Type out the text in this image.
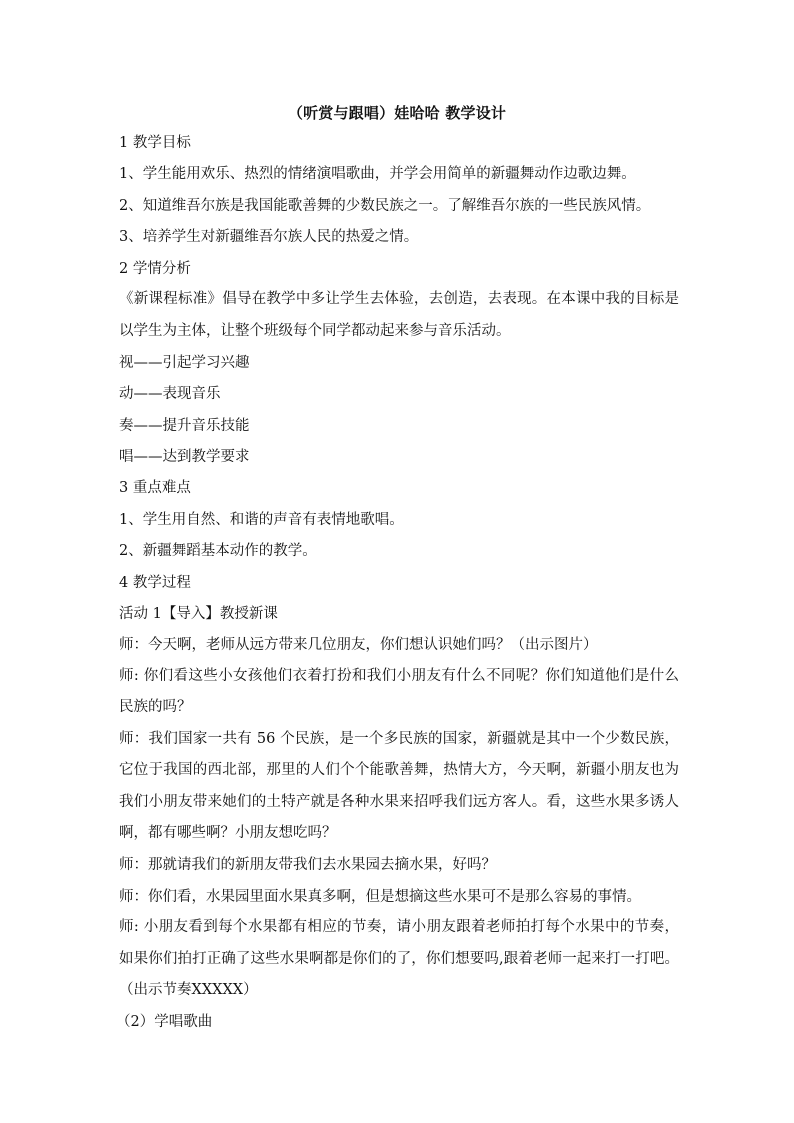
（听赏与跟唱）娃哈哈 教学设计

1 教学目标

1、学生能用欢乐、热烈的情绪演唱歌曲，并学会用简单的新疆舞动作边歌边舞。

2、知道维吾尔族是我国能歌善舞的少数民族之一。了解维吾尔族的一些民族风情。

3、培养学生对新疆维吾尔族人民的热爱之情。

2 学情分析

《新课程标准》倡导在教学中多让学生去体验，去创造，去表现。在本课中我的目标是以学生为主体，让整个班级每个同学都动起来参与音乐活动。

视——引起学习兴趣

动——表现音乐

奏——提升音乐技能

唱——达到教学要求

3 重点难点

1、学生用自然、和谐的声音有表情地歌唱。

2、新疆舞蹈基本动作的教学。

4 教学过程

活动 1【导入】教授新课

师：今天啊，老师从远方带来几位朋友，你们想认识她们吗？（出示图片）

师: 你们看这些小女孩他们衣着打扮和我们小朋友有什么不同呢？你们知道他们是什么民族的吗？

师：我们国家一共有 56 个民族，是一个多民族的国家，新疆就是其中一个少数民族，它位于我国的西北部，那里的人们个个能歌善舞，热情大方，今天啊，新疆小朋友也为我们小朋友带来她们的土特产就是各种水果来招呼我们远方客人。看，这些水果多诱人啊，都有哪些啊？小朋友想吃吗？

师：那就请我们的新朋友带我们去水果园去摘水果，好吗？

师：你们看，水果园里面水果真多啊，但是想摘这些水果可不是那么容易的事情。

师: 小朋友看到每个水果都有相应的节奏，请小朋友跟着老师拍打每个水果中的节奏，如果你们拍打正确了这些水果啊都是你们的了，你们想要吗,跟着老师一起来打一打吧。（出示节奏XXXXX）

（2）学唱歌曲
